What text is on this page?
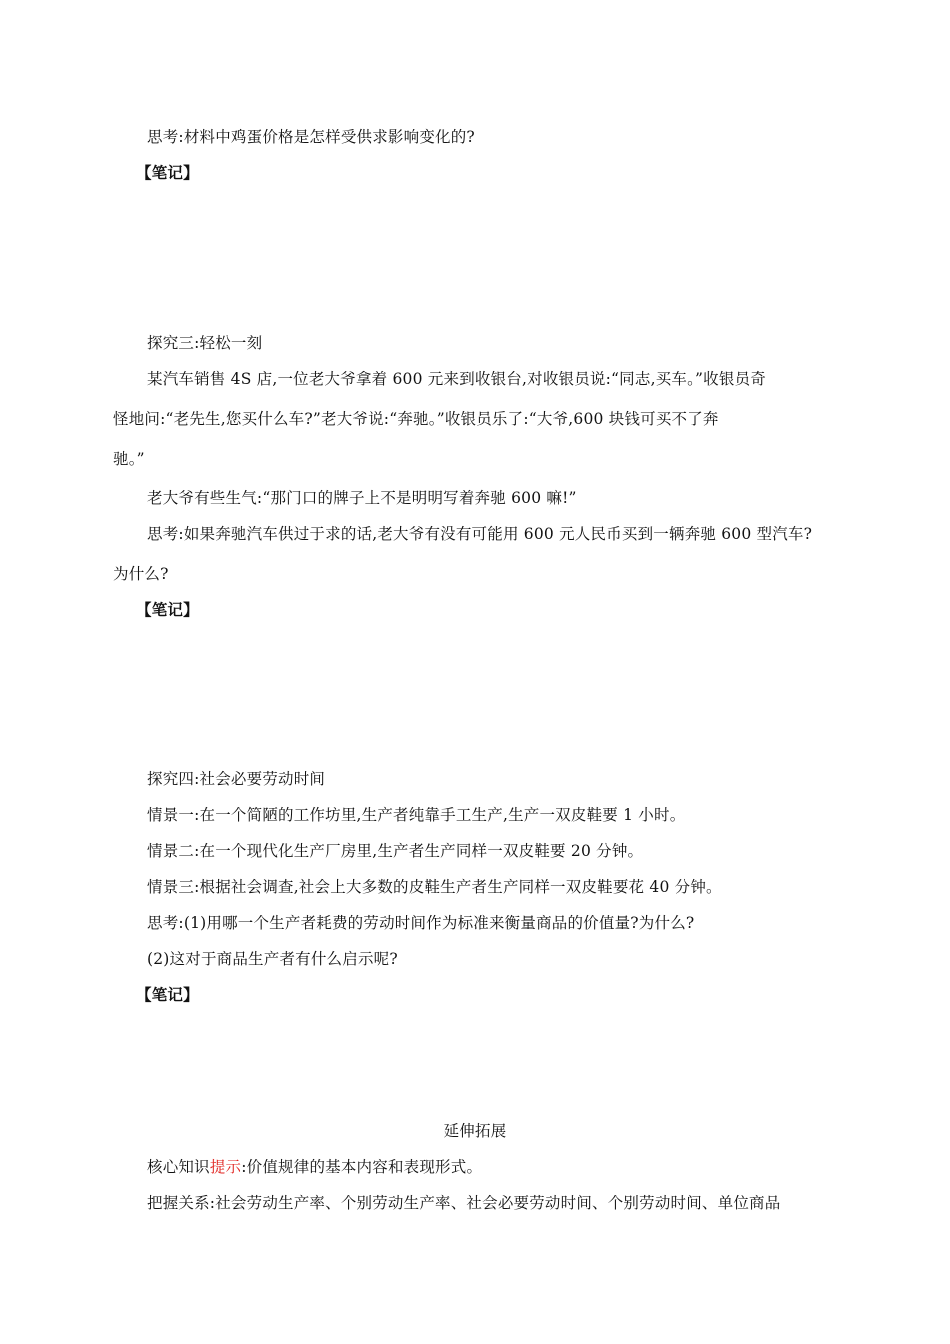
思考:材料中鸡蛋价格是怎样受供求影响变化的?
【笔记】
探究三:轻松一刻
某汽车销售 4S 店,一位老大爷拿着 600 元来到收银台,对收银员说:“同志,买车。”收银员奇
怪地问:“老先生,您买什么车?”老大爷说:“奔驰。”收银员乐了:“大爷,600 块钱可买不了奔
驰。”
老大爷有些生气:“那门口的牌子上不是明明写着奔驰 600 嘛!”
思考:如果奔驰汽车供过于求的话,老大爷有没有可能用 600 元人民币买到一辆奔驰 600 型汽车?
为什么?
【笔记】
探究四:社会必要劳动时间
情景一:在一个简陋的工作坊里,生产者纯靠手工生产,生产一双皮鞋要 1 小时。
情景二:在一个现代化生产厂房里,生产者生产同样一双皮鞋要 20 分钟。
情景三:根据社会调查,社会上大多数的皮鞋生产者生产同样一双皮鞋要花 40 分钟。
思考:(1)用哪一个生产者耗费的劳动时间作为标准来衡量商品的价值量?为什么?
(2)这对于商品生产者有什么启示呢?
【笔记】
延伸拓展
核心知识提示:价值规律的基本内容和表现形式。
把握关系:社会劳动生产率、个别劳动生产率、社会必要劳动时间、个别劳动时间、单位商品
